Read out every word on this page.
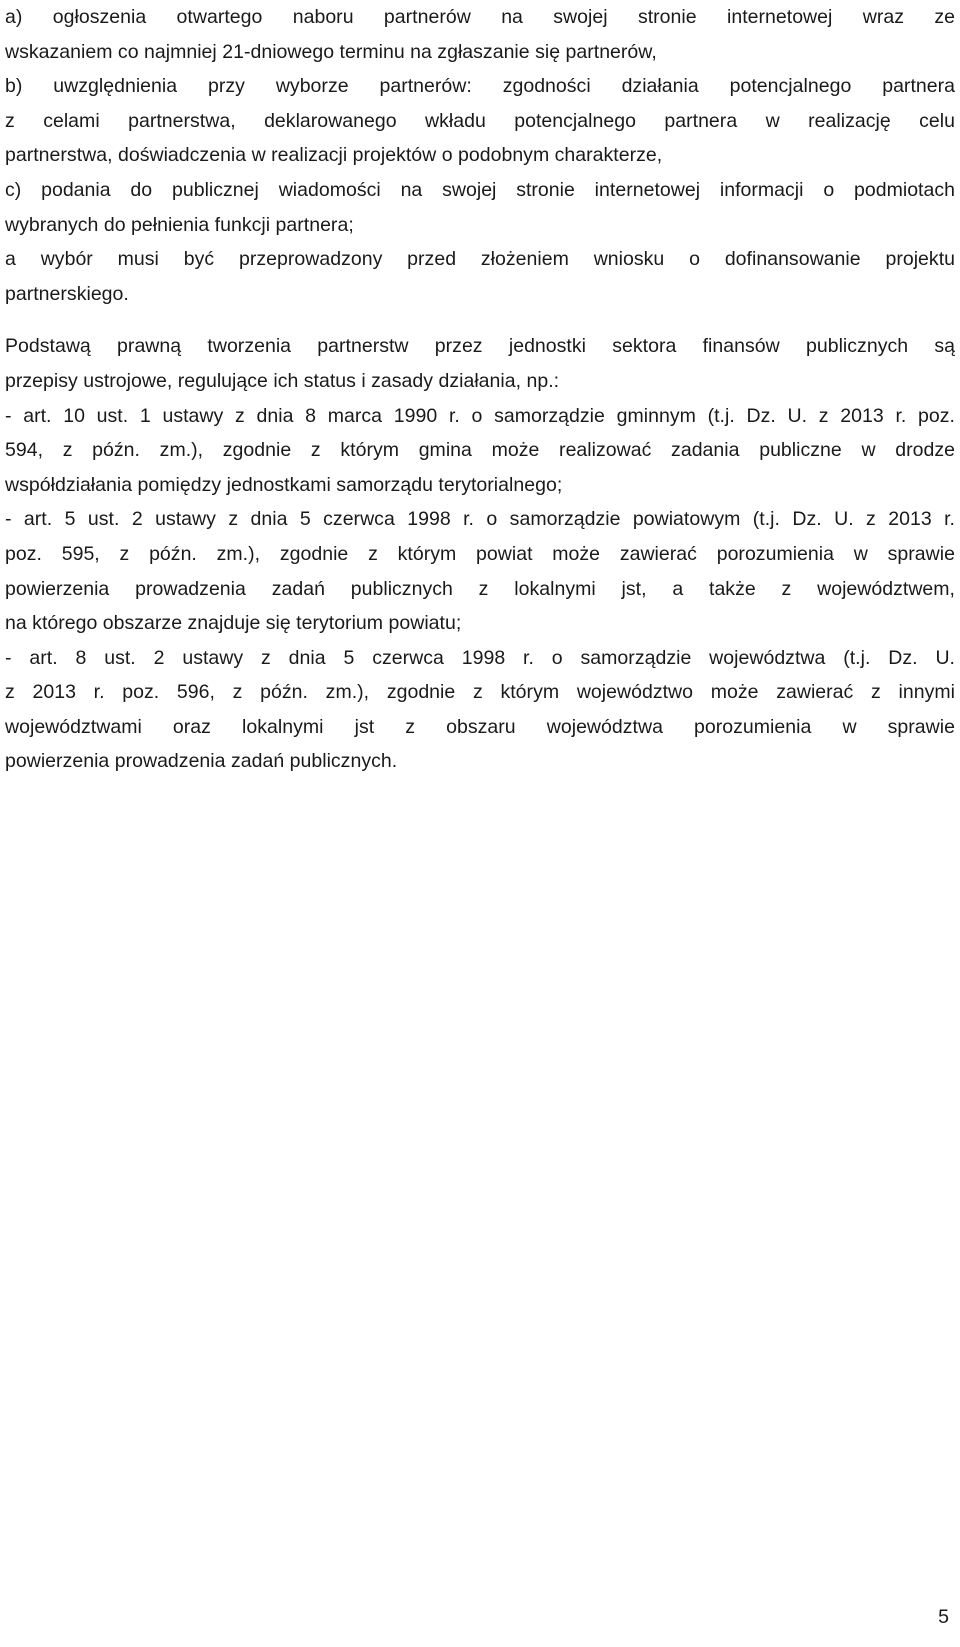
a) ogłoszenia otwartego naboru partnerów na swojej stronie internetowej wraz ze
wskazaniem co najmniej 21-dniowego terminu na zgłaszanie się partnerów,
b) uwzględnienia przy wyborze partnerów: zgodności działania potencjalnego partnera
z celami partnerstwa, deklarowanego wkładu potencjalnego partnera w realizację celu
partnerstwa, doświadczenia w realizacji projektów o podobnym charakterze,
c) podania do publicznej wiadomości na swojej stronie internetowej informacji o podmiotach
wybranych do pełnienia funkcji partnera;
a wybór musi być przeprowadzony przed złożeniem wniosku o dofinansowanie projektu
partnerskiego.
Podstawą prawną tworzenia partnerstw przez jednostki sektora finansów publicznych są
przepisy ustrojowe, regulujące ich status i zasady działania, np.:
- art. 10 ust. 1 ustawy z dnia 8 marca 1990 r. o samorządzie gminnym (t.j. Dz. U. z 2013 r. poz.
594, z późn. zm.), zgodnie z którym gmina może realizować zadania publiczne w drodze
współdziałania pomiędzy jednostkami samorządu terytorialnego;
- art. 5 ust. 2 ustawy z dnia 5 czerwca 1998 r. o samorządzie powiatowym (t.j. Dz. U. z 2013 r.
poz. 595, z późn. zm.), zgodnie z którym powiat może zawierać porozumienia w sprawie
powierzenia prowadzenia zadań publicznych z lokalnymi jst, a także z województwem,
na którego obszarze znajduje się terytorium powiatu;
- art. 8 ust. 2 ustawy z dnia 5 czerwca 1998 r. o samorządzie województwa (t.j. Dz. U.
z 2013 r. poz. 596, z późn. zm.), zgodnie z którym województwo może zawierać z innymi
województwami oraz lokalnymi jst z obszaru województwa porozumienia w sprawie
powierzenia prowadzenia zadań publicznych.
5
